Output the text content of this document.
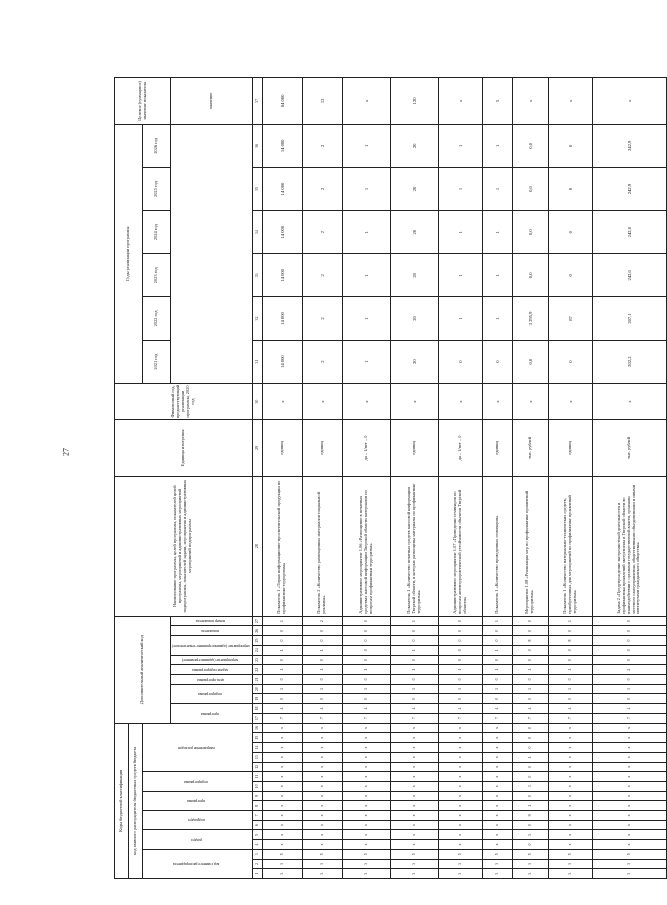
27
Коды бюджетной классификации																Дополнительный аналитический код											Наименование программы, целей программы, показателей целей программы, мероприятий и административных мероприятий подпрограммы, показателей задачи, мероприятия и административных мероприятий подпрограммы	Единица измерения	Финансовый год, предшествующий реализации программы, 2020 год	Годы реализации программы						Целевое (суммарное) значение показателя
код главного распорядителя бюджетных средств бюджета																																				
код главного распорядителя			раздел		подраздел		программа		подпрограмма		направление расходов																			2021 год	2022 год	2023 год	2024 год	2025 год	2026 год	
																программа		подпрограмма		цель программы	задача подпрограммы	мероприятие (административное)	мероприятие (административно-тематическое)		показатель	номер показателя										значение
1	2	3	4	5	6	7	8	9	10	11	12	13	14	15	16	17	18	19	20	21	22	23	24	25	26	27	28	29	30	31	32	33	34	35	36	37
3	3	5	x	x	x	x	x	x	x	x	x	x	x	x	x	7	4	0	1	0	1	0	1	0	0	1	Показатель 1 «Тираж информационно-просветительской продукции по профилактике терроризма»	единиц	х	14 000	14 000	14 000	14 000	14 000	14 000	84 000
3	3	5	x	x	x	x	x	x	x	x	x	x	x	x	x	7	4	0	1	0	1	0	1	0	0	2	Показатель 2 «Количество размещенных материалов социальной рекламы»	единиц	х	2	2	2	2	2	2	12
3	3	5	x	x	x	x	x	x	x	x	x	x	x	x	x	7	4	0	1	0	1	0	0	0	0	0	Административное мероприятие 1.06 «Размещение в печатных средствах массовой информации Тверской области материалов по вопросам профилактики терроризма»	да – 1/нет – 0	х	1	1	1	1	1	1	х
3	3	5	x	x	x	x	x	x	x	x	x	x	x	x	x	7	4	0	1	0	1	0	1	0	0	1	Показатель 1 «Количество печатных средств массовой информации Тверской области, в которых размещены материалы по профилактике терроризма»	единиц	х	20	20	20	20	20	20	120
3	3	5	x	x	x	x	x	x	x	x	x	x	x	x	x	7	4	0	1	0	1	0	0	0	0	0	Административное мероприятие 1.07 «Проведение семинаров по вопросам антитеррористической устойчивости объектов Тверской области»	да – 1/нет – 0	х	0	1	1	1	1	1	х
3	3	5	x	x	x	x	x	x	x	x	x	x	x	x	x	7	4	0	1	0	1	0	1	0	0	1	Показатель 1 «Количество проведенных семинаров»	единиц	х	0	1	1	1	1	1	5
3	3	5	0	3	0	9	1	0	3	0	0	1	0	0	0	7	4	0	1	0	1	0	0	8	0	0	Мероприятие 1.08 «Реализация мер по профилактике проявлений терроризма»	тыс. рублей	х	0,0	3 295,9	0,0	0,0	0,0	0,0	х
3	3	5	x	x	x	x	x	x	x	x	x	x	x	x	x	7	4	0	1	0	1	0	0	8	0	1	Показатель 1 «Количество материально-технических средств, приобретенных для мероприятий по профилактике проявлений терроризма»	единиц	х	0	87	0	0	0	0	х
3	3	5	x	x	x	x	x	x	x	x	x	x	x	x	x	7	4	0	1	0	2	0	0	0	0	0	Задача 2 «Предупреждение экстремистской деятельности и профилактика проявлений экстремизма в Тверской области во взаимодействии с органами государственной власти, органами местного самоуправления, общественными объединениями и иными институтами гражданского общества»	тыс. рублей	х	202,2	207,1	242,0	242,0	242,9	242,9	х
